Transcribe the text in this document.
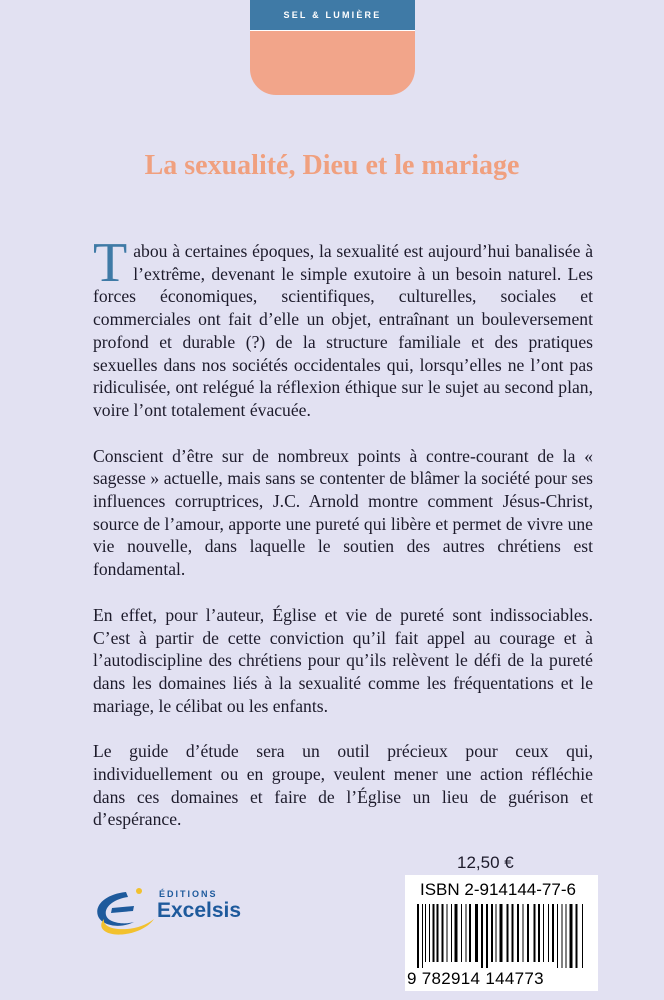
SEL & LUMIÈRE
La sexualité, Dieu et le mariage

Tabou à certaines époques, la sexualité est aujourd’hui banalisée à l’extrême, devenant le simple exutoire à un besoin naturel. Les forces économiques, scientifiques, culturelles, sociales et commerciales ont fait d’elle un objet, entraînant un bouleversement profond et durable (?) de la structure familiale et des pratiques sexuelles dans nos sociétés occidentales qui, lorsqu’elles ne l’ont pas ridiculisée, ont relégué la réflexion éthique sur le sujet au second plan, voire l’ont totalement évacuée.

Conscient d’être sur de nombreux points à contre-courant de la « sagesse » actuelle, mais sans se contenter de blâmer la société pour ses influences corruptrices, J.C. Arnold montre comment Jésus-Christ, source de l’amour, apporte une pureté qui libère et permet de vivre une vie nouvelle, dans laquelle le soutien des autres chrétiens est fondamental.

En effet, pour l’auteur, Église et vie de pureté sont indissociables. C’est à partir de cette conviction qu’il fait appel au courage et à l’autodiscipline des chrétiens pour qu’ils relèvent le défi de la pureté dans les domaines liés à la sexualité comme les fréquentations et le mariage, le célibat ou les enfants.

Le guide d’étude sera un outil précieux pour ceux qui, individuellement ou en groupe, veulent mener une action réfléchie dans ces domaines et faire de l’Église un lieu de guérison et d’espérance.

ÉDITIONS
Excelsis
12,50 €
ISBN 2-914144-77-6
9 782914 144773
